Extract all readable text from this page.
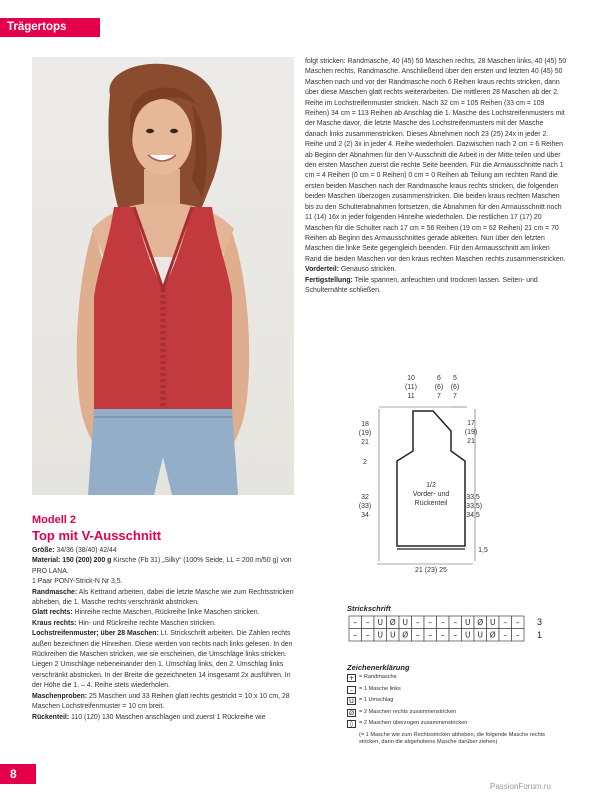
Trägertops
Modell 2
Top mit V-Ausschnitt

Größe: 34/36 (38/40) 42/44

Material: 150 (200) 200 g Kirsche (Fb 31) „Silky“ (100% Seide, LL = 200 m/50 g) von PRO LANA.

1 Paar PONY-Strick-N Nr 3,5.

Randmasche: Als Kettrand arbeiten, dabei die letzte Masche wie zum Rechtsstricken abheben, die 1. Masche rechts verschränkt abstricken.

Glatt rechts: Hinreihe rechte Maschen, Rückreihe linke Maschen stricken.

Kraus rechts: Hin- und Rückreihe rechte Maschen stricken.

Lochstreifenmuster; über 28 Maschen: Lt. Strickschrift arbeiten. Die Zahlen rechts außen bezeichnen die Hinreihen. Diese werden von rechts nach links gelesen. In den Rückreihen die Maschen stricken, wie sie erscheinen, die Umschläge links stricken. Liegen 2 Umschläge nebeneinander den 1. Umschlag links, den 2. Umschlag links verschränkt abstricken. In der Breite die gezeichneten 14 insgesamt 2x ausführen. In der Höhe die 1. – 4. Reihe stets wiederholen.

Maschenproben: 25 Maschen und 33 Reihen glatt rechts gestrickt = 10 x 10 cm, 28 Maschen Lochstreifenmuster = 10 cm breit.

Rückenteil: 110 (120) 130 Maschen anschlagen und zuerst 1 Rückreihe wie

folgt stricken: Randmasche, 40 (45) 50 Maschen rechts, 28 Maschen links, 40 (45) 50 Maschen rechts, Randmasche. Anschließend über den ersten und letzten 40 (45) 50 Maschen nach und vor der Randmasche noch 6 Reihen kraus rechts stricken, dann über diese Maschen glatt rechts weiterarbeiten. Die mittleren 28 Maschen ab der 2. Reihe im Lochstreifenmuster stricken. Nach 32 cm = 105 Reihen (33 cm = 109 Reihen) 34 cm = 113 Reihen ab Anschlag die 1. Masche des Lochstreifenmusters mit der Masche davor, die letzte Masche des Lochstreifenmusters mit der Masche danach links zusammenstricken. Dieses Abnehmen noch 23 (25) 24x in jeder 2. Reihe und 2 (2) 3x in jeder 4. Reihe wiederholen. Dazwischen nach 2 cm = 6 Reihen ab Beginn der Abnahmen für den V-Ausschnitt die Arbeit in der Mitte teilen und über den ersten Maschen zuerst die rechte Seite beenden. Für die Armausschnitte nach 1 cm = 4 Reihen (0 cm = 0 Reihen) 0 cm = 0 Reihen ab Teilung am rechten Rand die ersten beiden Maschen nach der Randmasche kraus rechts stricken, die folgenden beiden Maschen überzogen zusammenstricken. Die beiden kraus rechten Maschen bis zu den Schulterabnahmen fortsetzen, die Abnahmen für den Armausschnitt noch 11 (14) 16x in jeder folgenden Hinreihe wiederholen. Die restlichen 17 (17) 20 Maschen für die Schulter nach 17 cm = 56 Reihen (19 cm = 62 Reihen) 21 cm = 70 Reihen ab Beginn des Armausschnittes gerade abketten. Nun über den letzten Maschen die linke Seite gegengleich beenden. Für den Armausschnitt am linken Rand die beiden Maschen vor den kraus rechten Maschen rechts zusammenstricken.

Vorderteil: Genauso stricken.

Fertigstellung: Teile spannen, anfeuchten und trocknen lassen. Seiten- und Schulternähte schließen.

10
(11)
11
6
(6)
7
5
(6)
7
18
(19)
21
2
32
(33)
34
17
(19)
21
33,5
(33,5)
34,5
1,5
1/2
Vorder- und
Rückenteil
21 (23) 25
Strickschrift
– – U Ø U – – – – U Ø U – –
– – U U Ø – – – – U U Ø – –
3
1
Zeichenerklärung
+ = Randmasche
–	= 1 Masche links
U = 1 Umschlag
Ø = 2 Maschen rechts zusammenstricken
◊	= 2 Maschen überzogen zusammenstricken
(= 1 Masche wie zum Rechtsstricken abheben, die folgende Masche rechts stricken, dann die abgehobene Masche darüber ziehen)
8
PassionForum.ru
